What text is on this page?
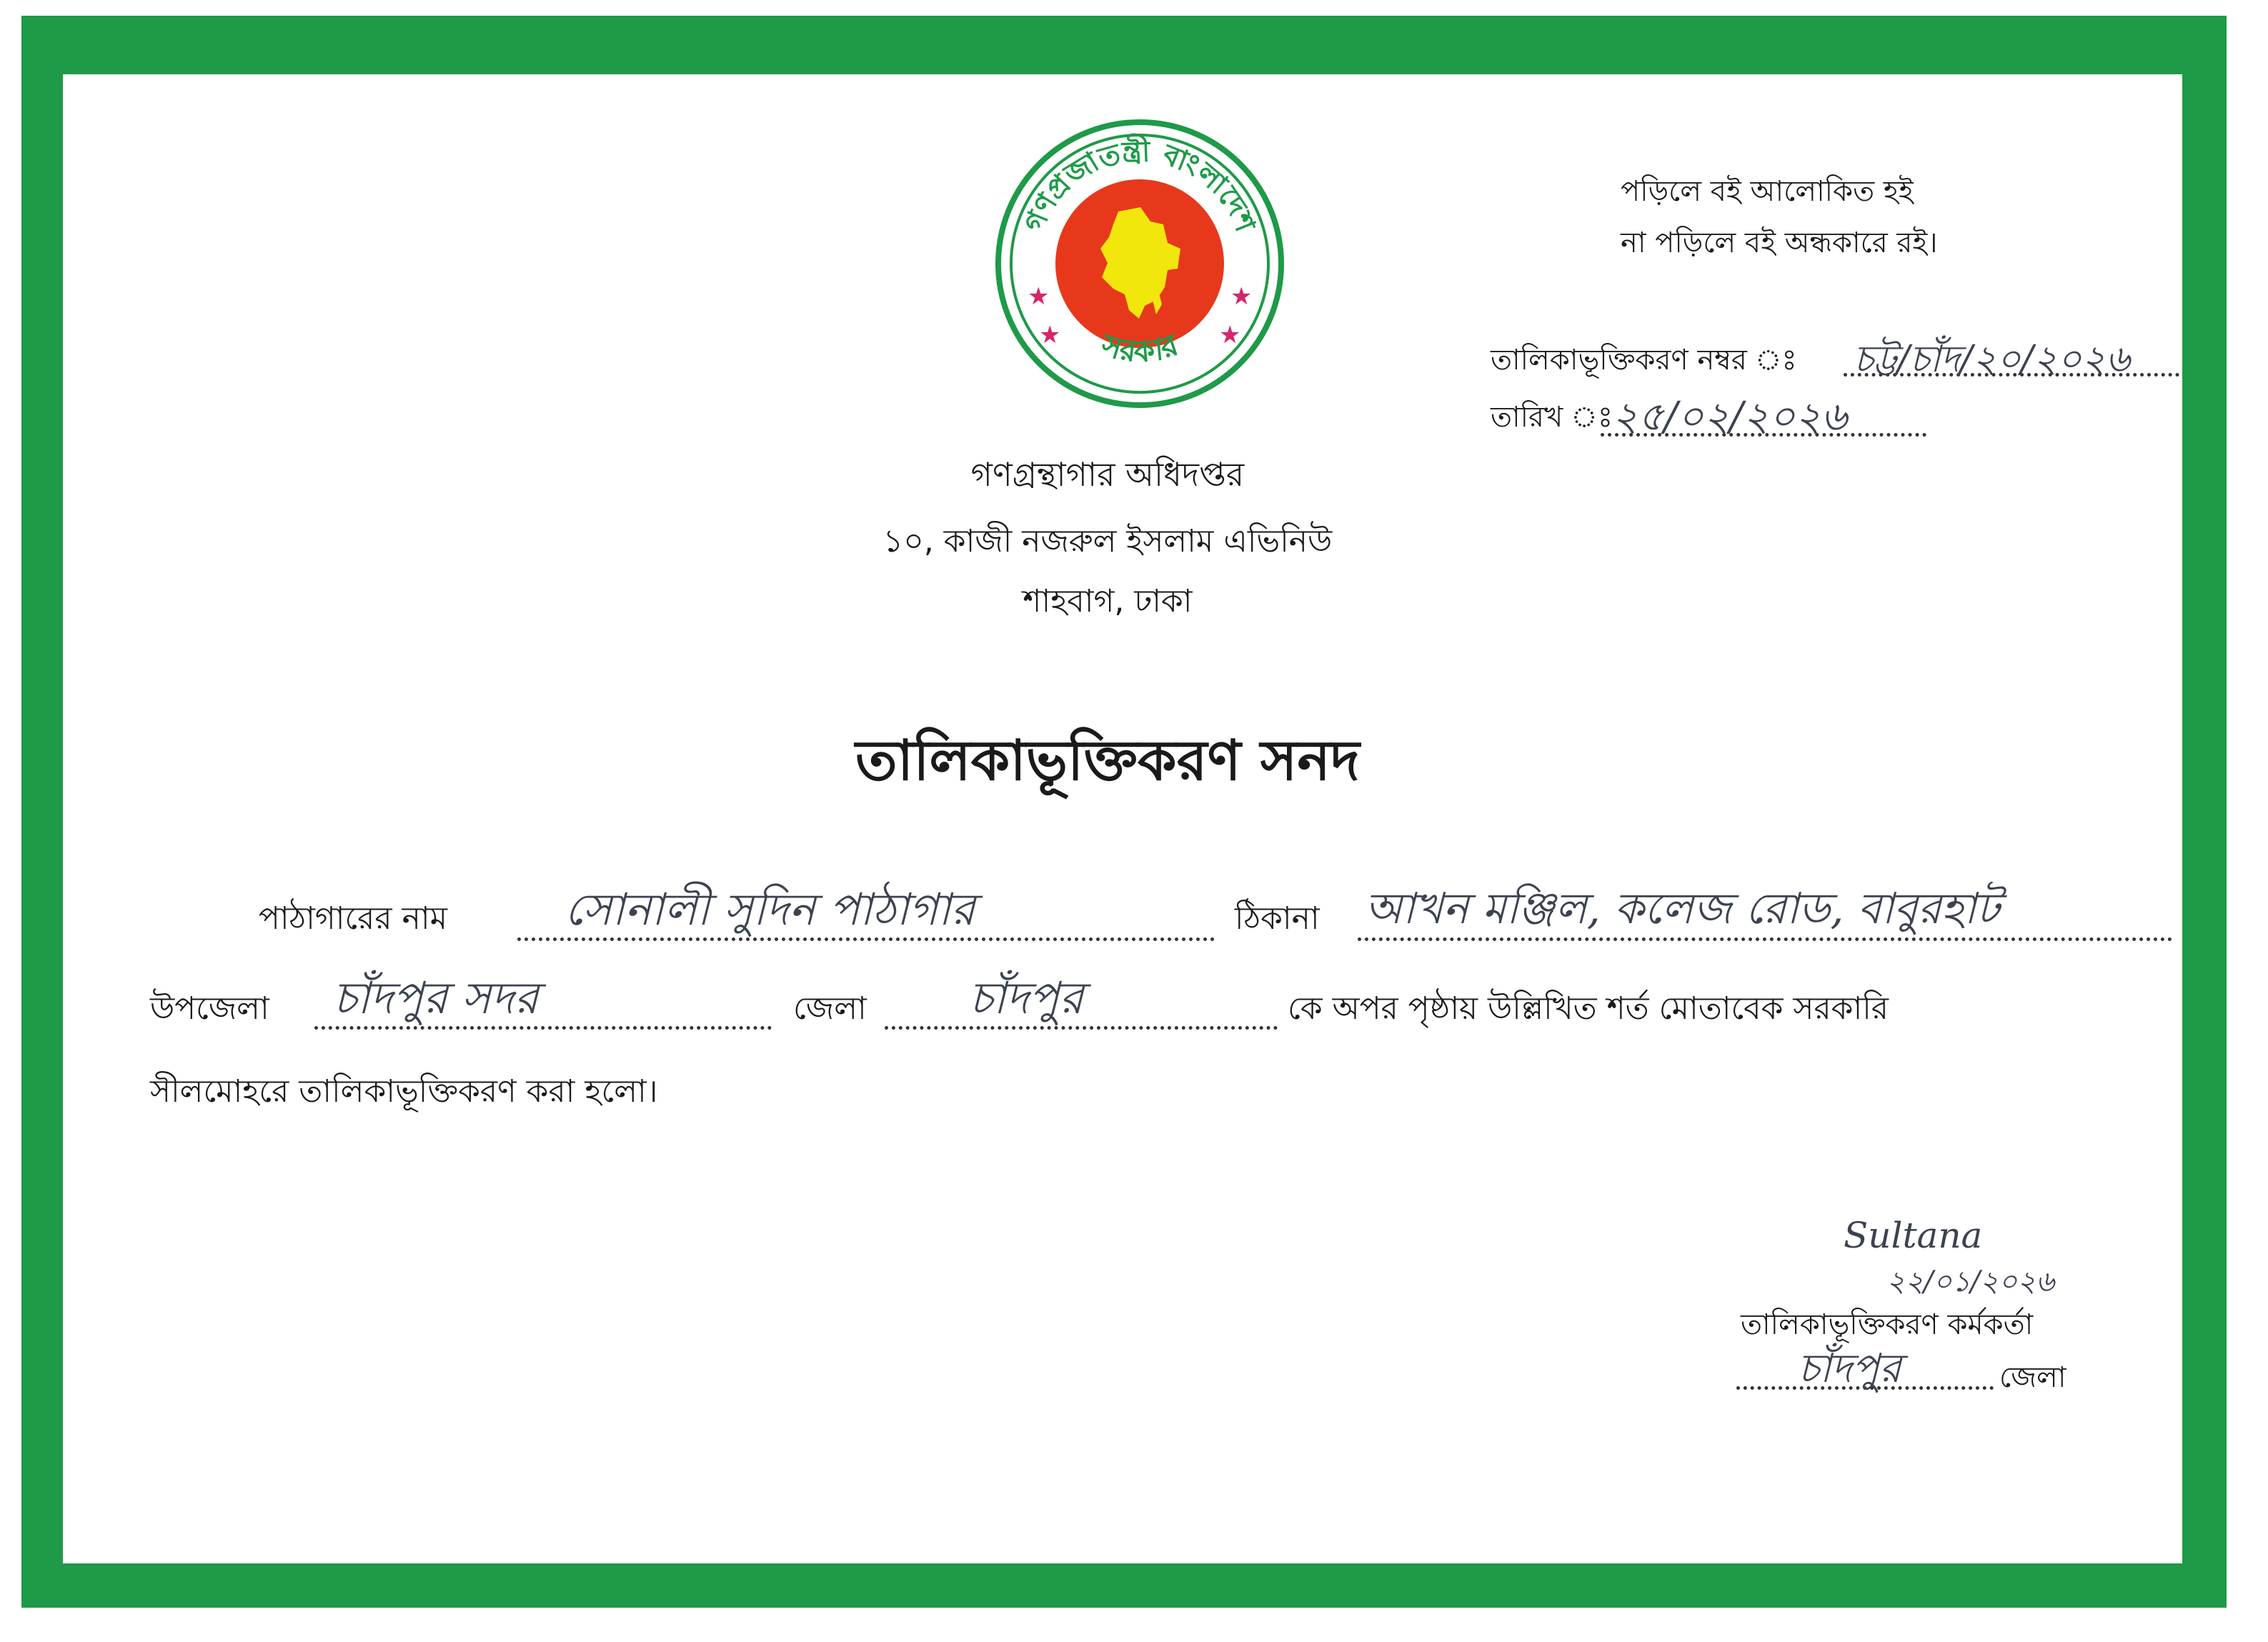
গণপ্রজাতন্ত্রী বাংলাদেশ
★	★
★	★
সরকার
পড়িলে বই আলোকিত হই
না পড়িলে বই অন্ধকারে রই।
তালিকাভূক্তিকরণ নম্বর ঃ চট্ট/চাঁদ/২০/২০২৬
তারিখ ঃ
২৫/০২/২০২৬
গণগ্রন্থাগার অধিদপ্তর
১০, কাজী নজরুল ইসলাম এভিনিউ
শাহবাগ, ঢাকা
তালিকাভূক্তিকরণ সনদ
পাঠাগারের নাম	সোনালী সুদিন পাঠাগার	ঠিকানা আখন মঞ্জিল, কলেজ রোড, বাবুরহাট
উপজেলা চাঁদপুর সদর	জেলা চাঁদপুর	কে অপর পৃষ্ঠায় উল্লিখিত শর্ত মোতাবেক সরকারি
সীলমোহরে তালিকাভূক্তিকরণ করা হলো।
Sultana
২২/০১/২০২৬
তালিকাভূক্তিকরণ কর্মকর্তা
চাঁদপুর	জেলা
